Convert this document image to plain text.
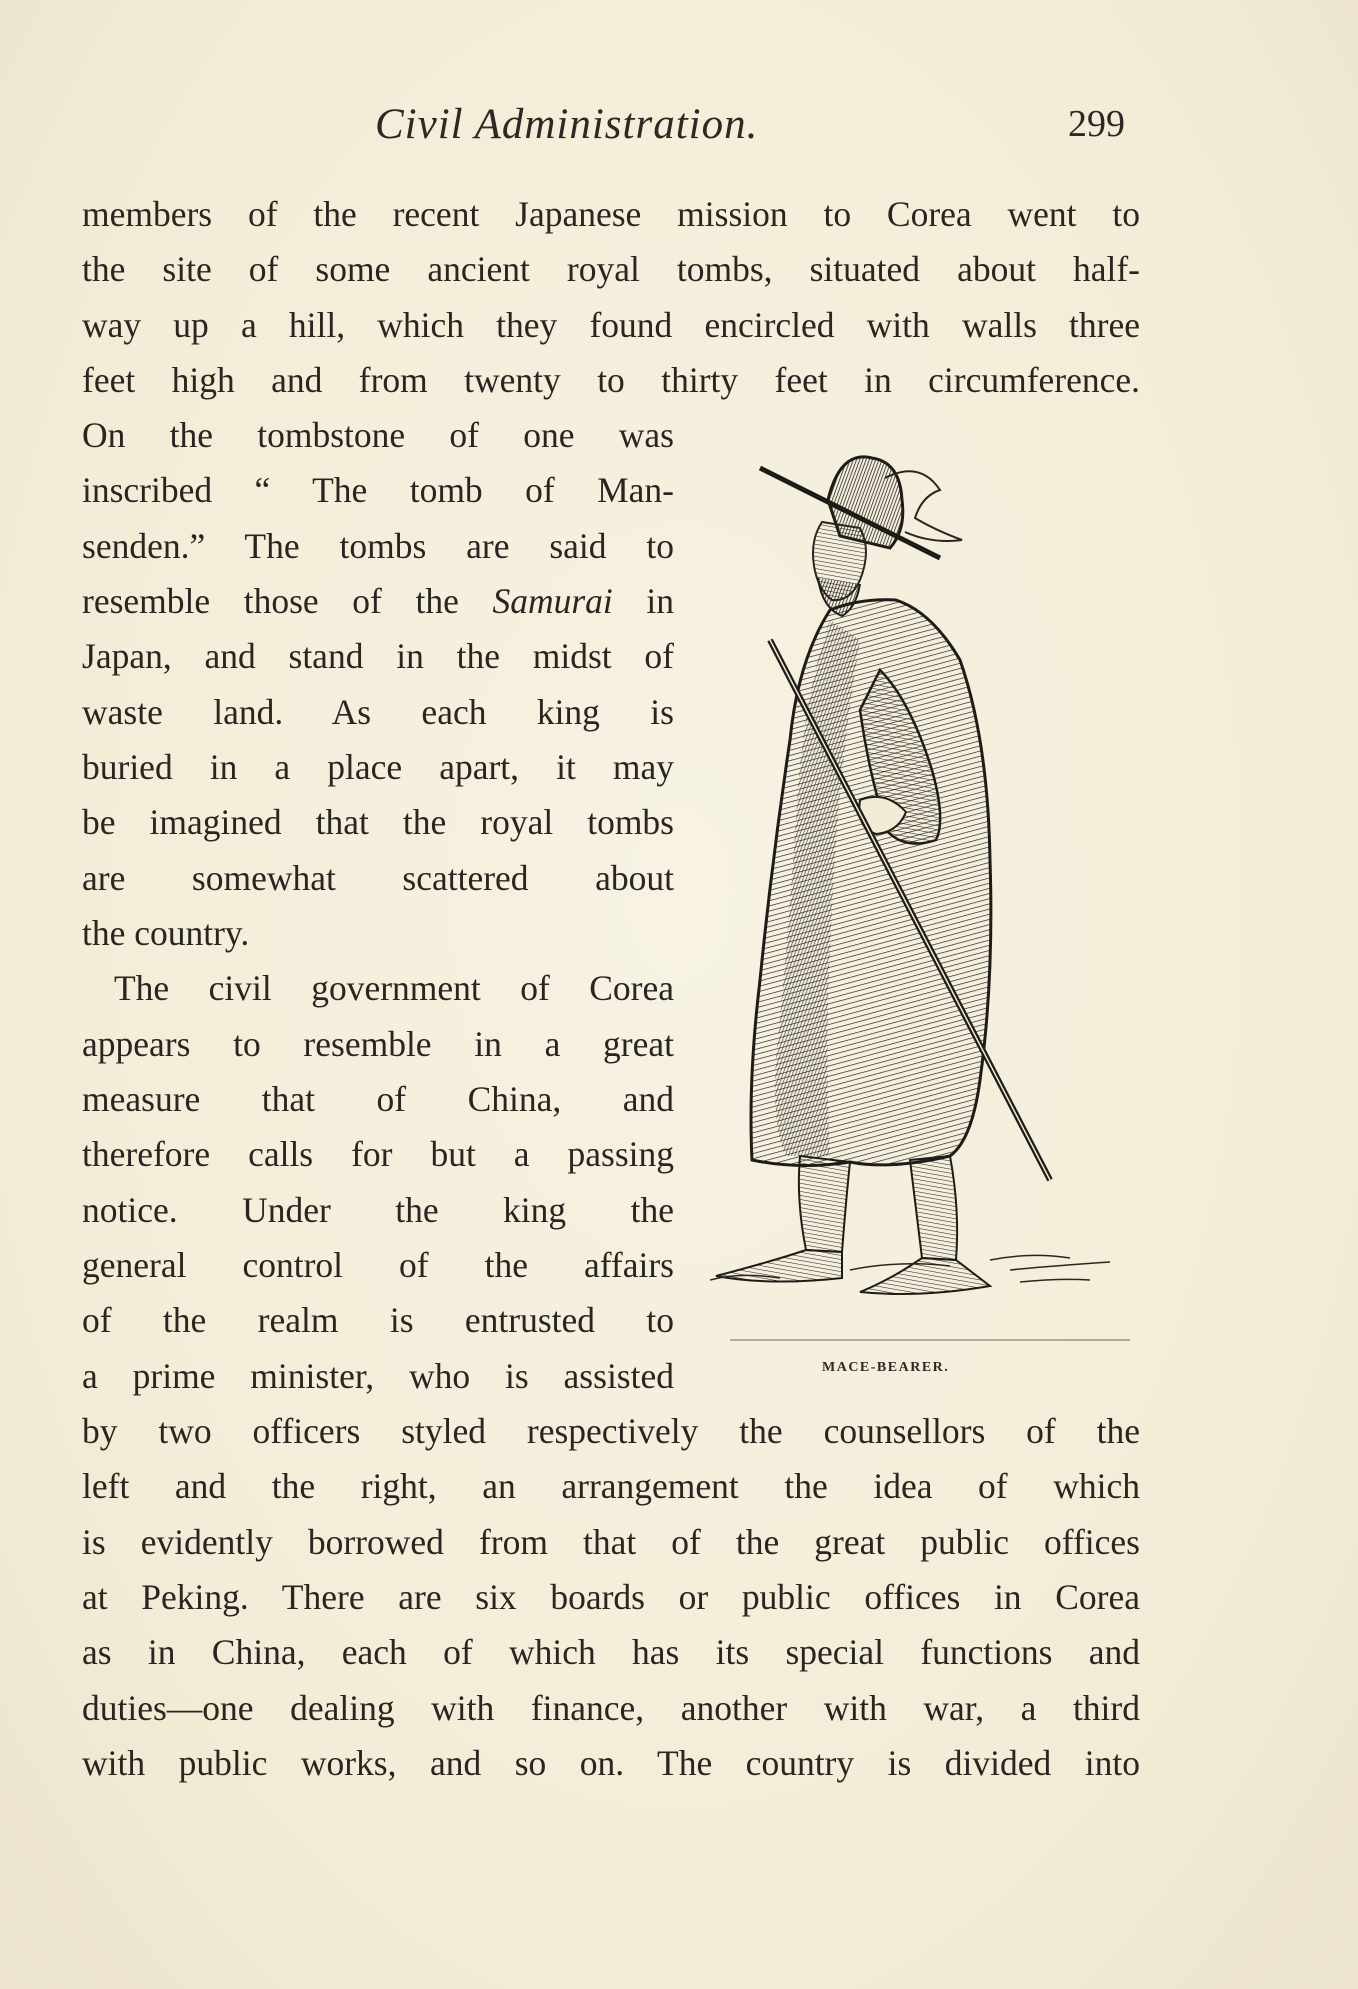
Civil Administration.	299
members of the recent Japanese mission to Corea went to
the site of some ancient royal tombs, situated about half-
way up a hill, which they found encircled with walls three
feet high and from twenty to thirty feet in circumference.
On the tombstone of one was
inscribed “ The tomb of Man-
senden.” The tombs are said to
resemble those of the Samurai in
Japan, and stand in the midst of
waste land. As each king is
buried in a place apart, it may
be imagined that the royal tombs
are somewhat scattered about
the country.
The civil government of Corea
appears to resemble in a great
measure that of China, and
therefore calls for but a passing
notice. Under the king the
general control of the affairs
of the realm is entrusted to
a prime minister, who is assisted
by two officers styled respectively the counsellors of the
left and the right, an arrangement the idea of which
is evidently borrowed from that of the great public offices
at Peking. There are six boards or public offices in Corea
as in China, each of which has its special functions and
duties—one dealing with finance, another with war, a third
with public works, and so on. The country is divided into
MACE-BEARER.
